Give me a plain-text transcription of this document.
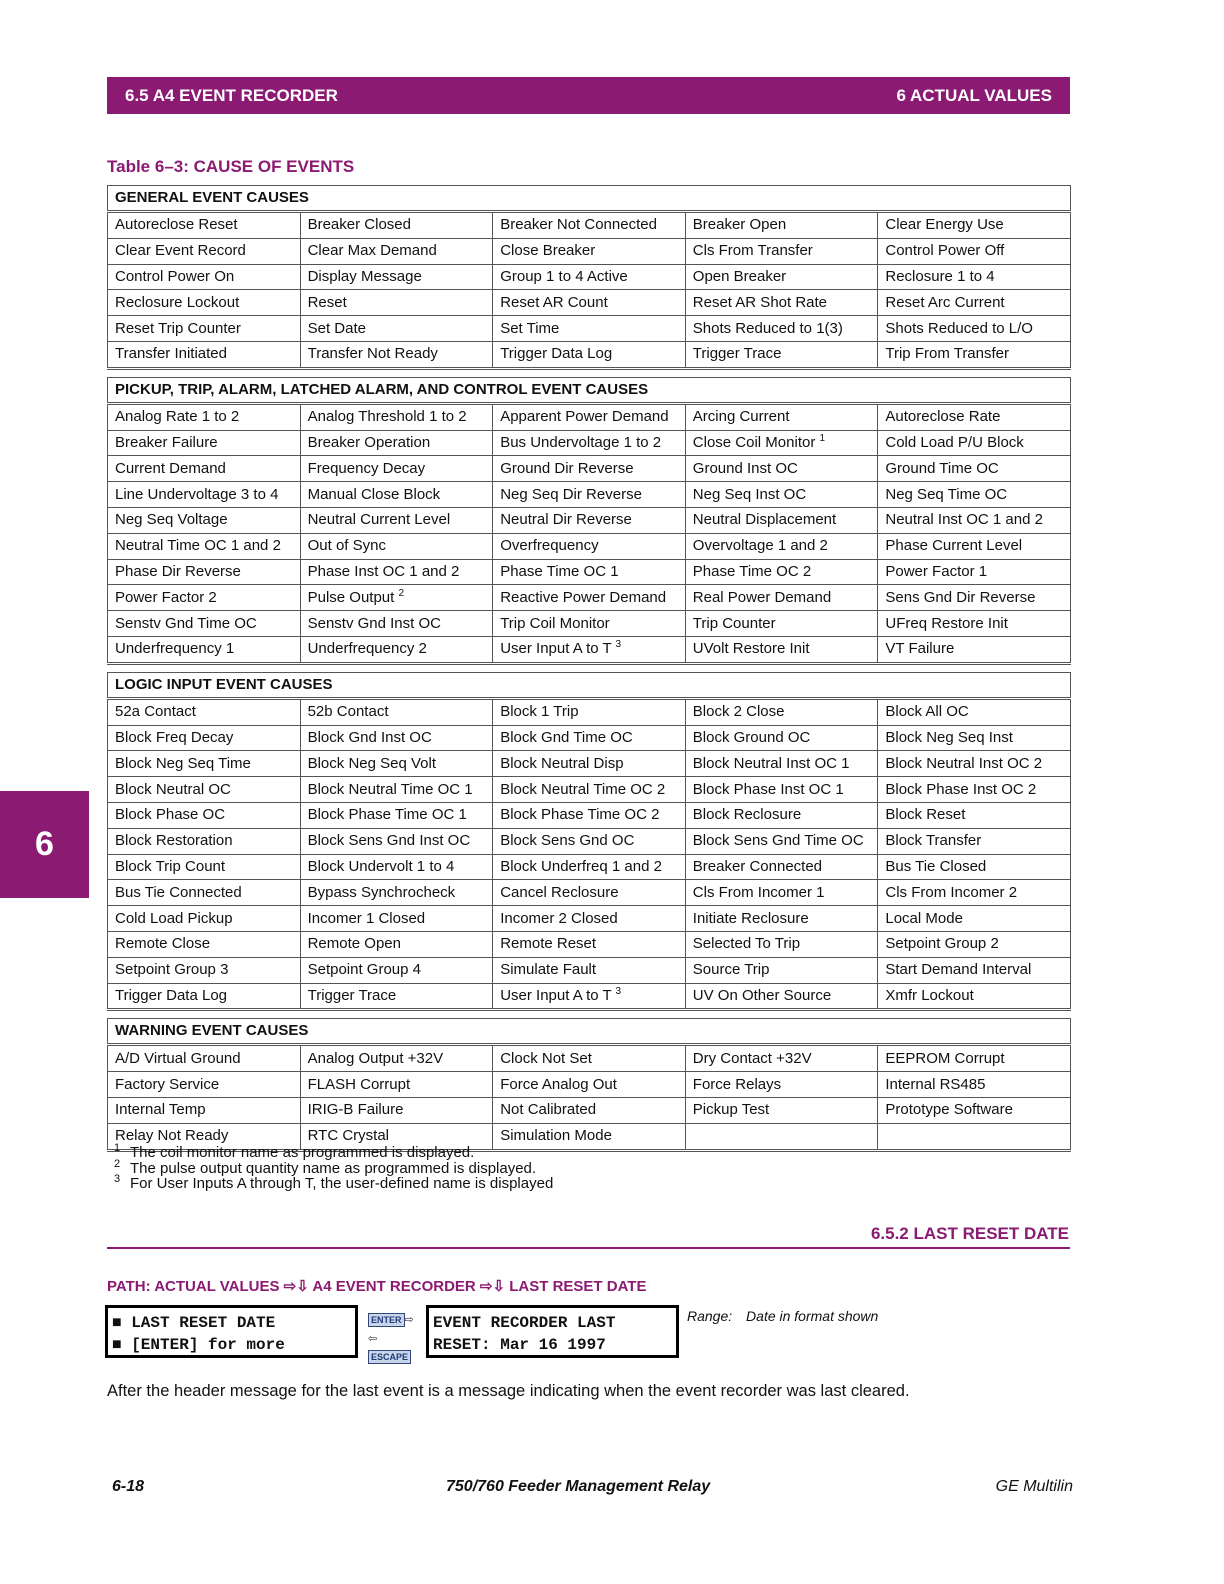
6.5 A4 EVENT RECORDER	6 ACTUAL VALUES
Table 6–3: CAUSE OF EVENTS
6
GENERAL EVENT CAUSES				
Autoreclose Reset	Breaker Closed	Breaker Not Connected	Breaker Open	Clear Energy Use
Clear Event Record	Clear Max Demand	Close Breaker	Cls From Transfer	Control Power Off
Control Power On	Display Message	Group 1 to 4 Active	Open Breaker	Reclosure 1 to 4
Reclosure Lockout	Reset	Reset AR Count	Reset AR Shot Rate	Reset Arc Current
Reset Trip Counter	Set Date	Set Time	Shots Reduced to 1(3)	Shots Reduced to L/O
Transfer Initiated	Transfer Not Ready	Trigger Data Log	Trigger Trace	Trip From Transfer
PICKUP, TRIP, ALARM, LATCHED ALARM, AND CONTROL EVENT CAUSES				
Analog Rate 1 to 2	Analog Threshold 1 to 2	Apparent Power Demand	Arcing Current	Autoreclose Rate
Breaker Failure	Breaker Operation	Bus Undervoltage 1 to 2	Close Coil Monitor $^1$	Cold Load P/U Block
Current Demand	Frequency Decay	Ground Dir Reverse	Ground Inst OC	Ground Time OC
Line Undervoltage 3 to 4	Manual Close Block	Neg Seq Dir Reverse	Neg Seq Inst OC	Neg Seq Time OC
Neg Seq Voltage	Neutral Current Level	Neutral Dir Reverse	Neutral Displacement	Neutral Inst OC 1 and 2
Neutral Time OC 1 and 2	Out of Sync	Overfrequency	Overvoltage 1 and 2	Phase Current Level
Phase Dir Reverse	Phase Inst OC 1 and 2	Phase Time OC 1	Phase Time OC 2	Power Factor 1
Power Factor 2	Pulse Output $^2$	Reactive Power Demand	Real Power Demand	Sens Gnd Dir Reverse
Senstv Gnd Time OC	Senstv Gnd Inst OC	Trip Coil Monitor	Trip Counter	UFreq Restore Init
Underfrequency 1	Underfrequency 2	User Input A to T $^3$	UVolt Restore Init	VT Failure
LOGIC INPUT EVENT CAUSES				
52a Contact	52b Contact	Block 1 Trip	Block 2 Close	Block All OC
Block Freq Decay	Block Gnd Inst OC	Block Gnd Time OC	Block Ground OC	Block Neg Seq Inst
Block Neg Seq Time	Block Neg Seq Volt	Block Neutral Disp	Block Neutral Inst OC 1	Block Neutral Inst OC 2
Block Neutral OC	Block Neutral Time OC 1	Block Neutral Time OC 2	Block Phase Inst OC 1	Block Phase Inst OC 2
Block Phase OC	Block Phase Time OC 1	Block Phase Time OC 2	Block Reclosure	Block Reset
Block Restoration	Block Sens Gnd Inst OC	Block Sens Gnd OC	Block Sens Gnd Time OC	Block Transfer
Block Trip Count	Block Undervolt 1 to 4	Block Underfreq 1 and 2	Breaker Connected	Bus Tie Closed
Bus Tie Connected	Bypass Synchrocheck	Cancel Reclosure	Cls From Incomer 1	Cls From Incomer 2
Cold Load Pickup	Incomer 1 Closed	Incomer 2 Closed	Initiate Reclosure	Local Mode
Remote Close	Remote Open	Remote Reset	Selected To Trip	Setpoint Group 2
Setpoint Group 3	Setpoint Group 4	Simulate Fault	Source Trip	Start Demand Interval
Trigger Data Log	Trigger Trace	User Input A to T $^3$	UV On Other Source	Xmfr Lockout
WARNING EVENT CAUSES				
A/D Virtual Ground	Analog Output +32V	Clock Not Set	Dry Contact +32V	EEPROM Corrupt
Factory Service	FLASH Corrupt	Force Analog Out	Force Relays	Internal RS485
Internal Temp	IRIG-B Failure	Not Calibrated	Pickup Test	Prototype Software
Relay Not Ready	RTC Crystal	Simulation Mode		
1 The coil monitor name as programmed is displayed.
2 The pulse output quantity name as programmed is displayed.
3 For User Inputs A through T, the user-defined name is displayed
6.5.2 LAST RESET DATE
PATH: ACTUAL VALUES ⇨⇩ A4 EVENT RECORDER ⇨⇩ LAST RESET DATE
■ LAST RESET DATE
■ [ENTER] for more
ENTER ⇨
⇦ESCAPE
EVENT RECORDER LAST
RESET: Mar 16 1997
Range: Date in format shown
After the header message for the last event is a message indicating when the event recorder was last cleared.
6-18	750/760 Feeder Management Relay	GE Multilin
